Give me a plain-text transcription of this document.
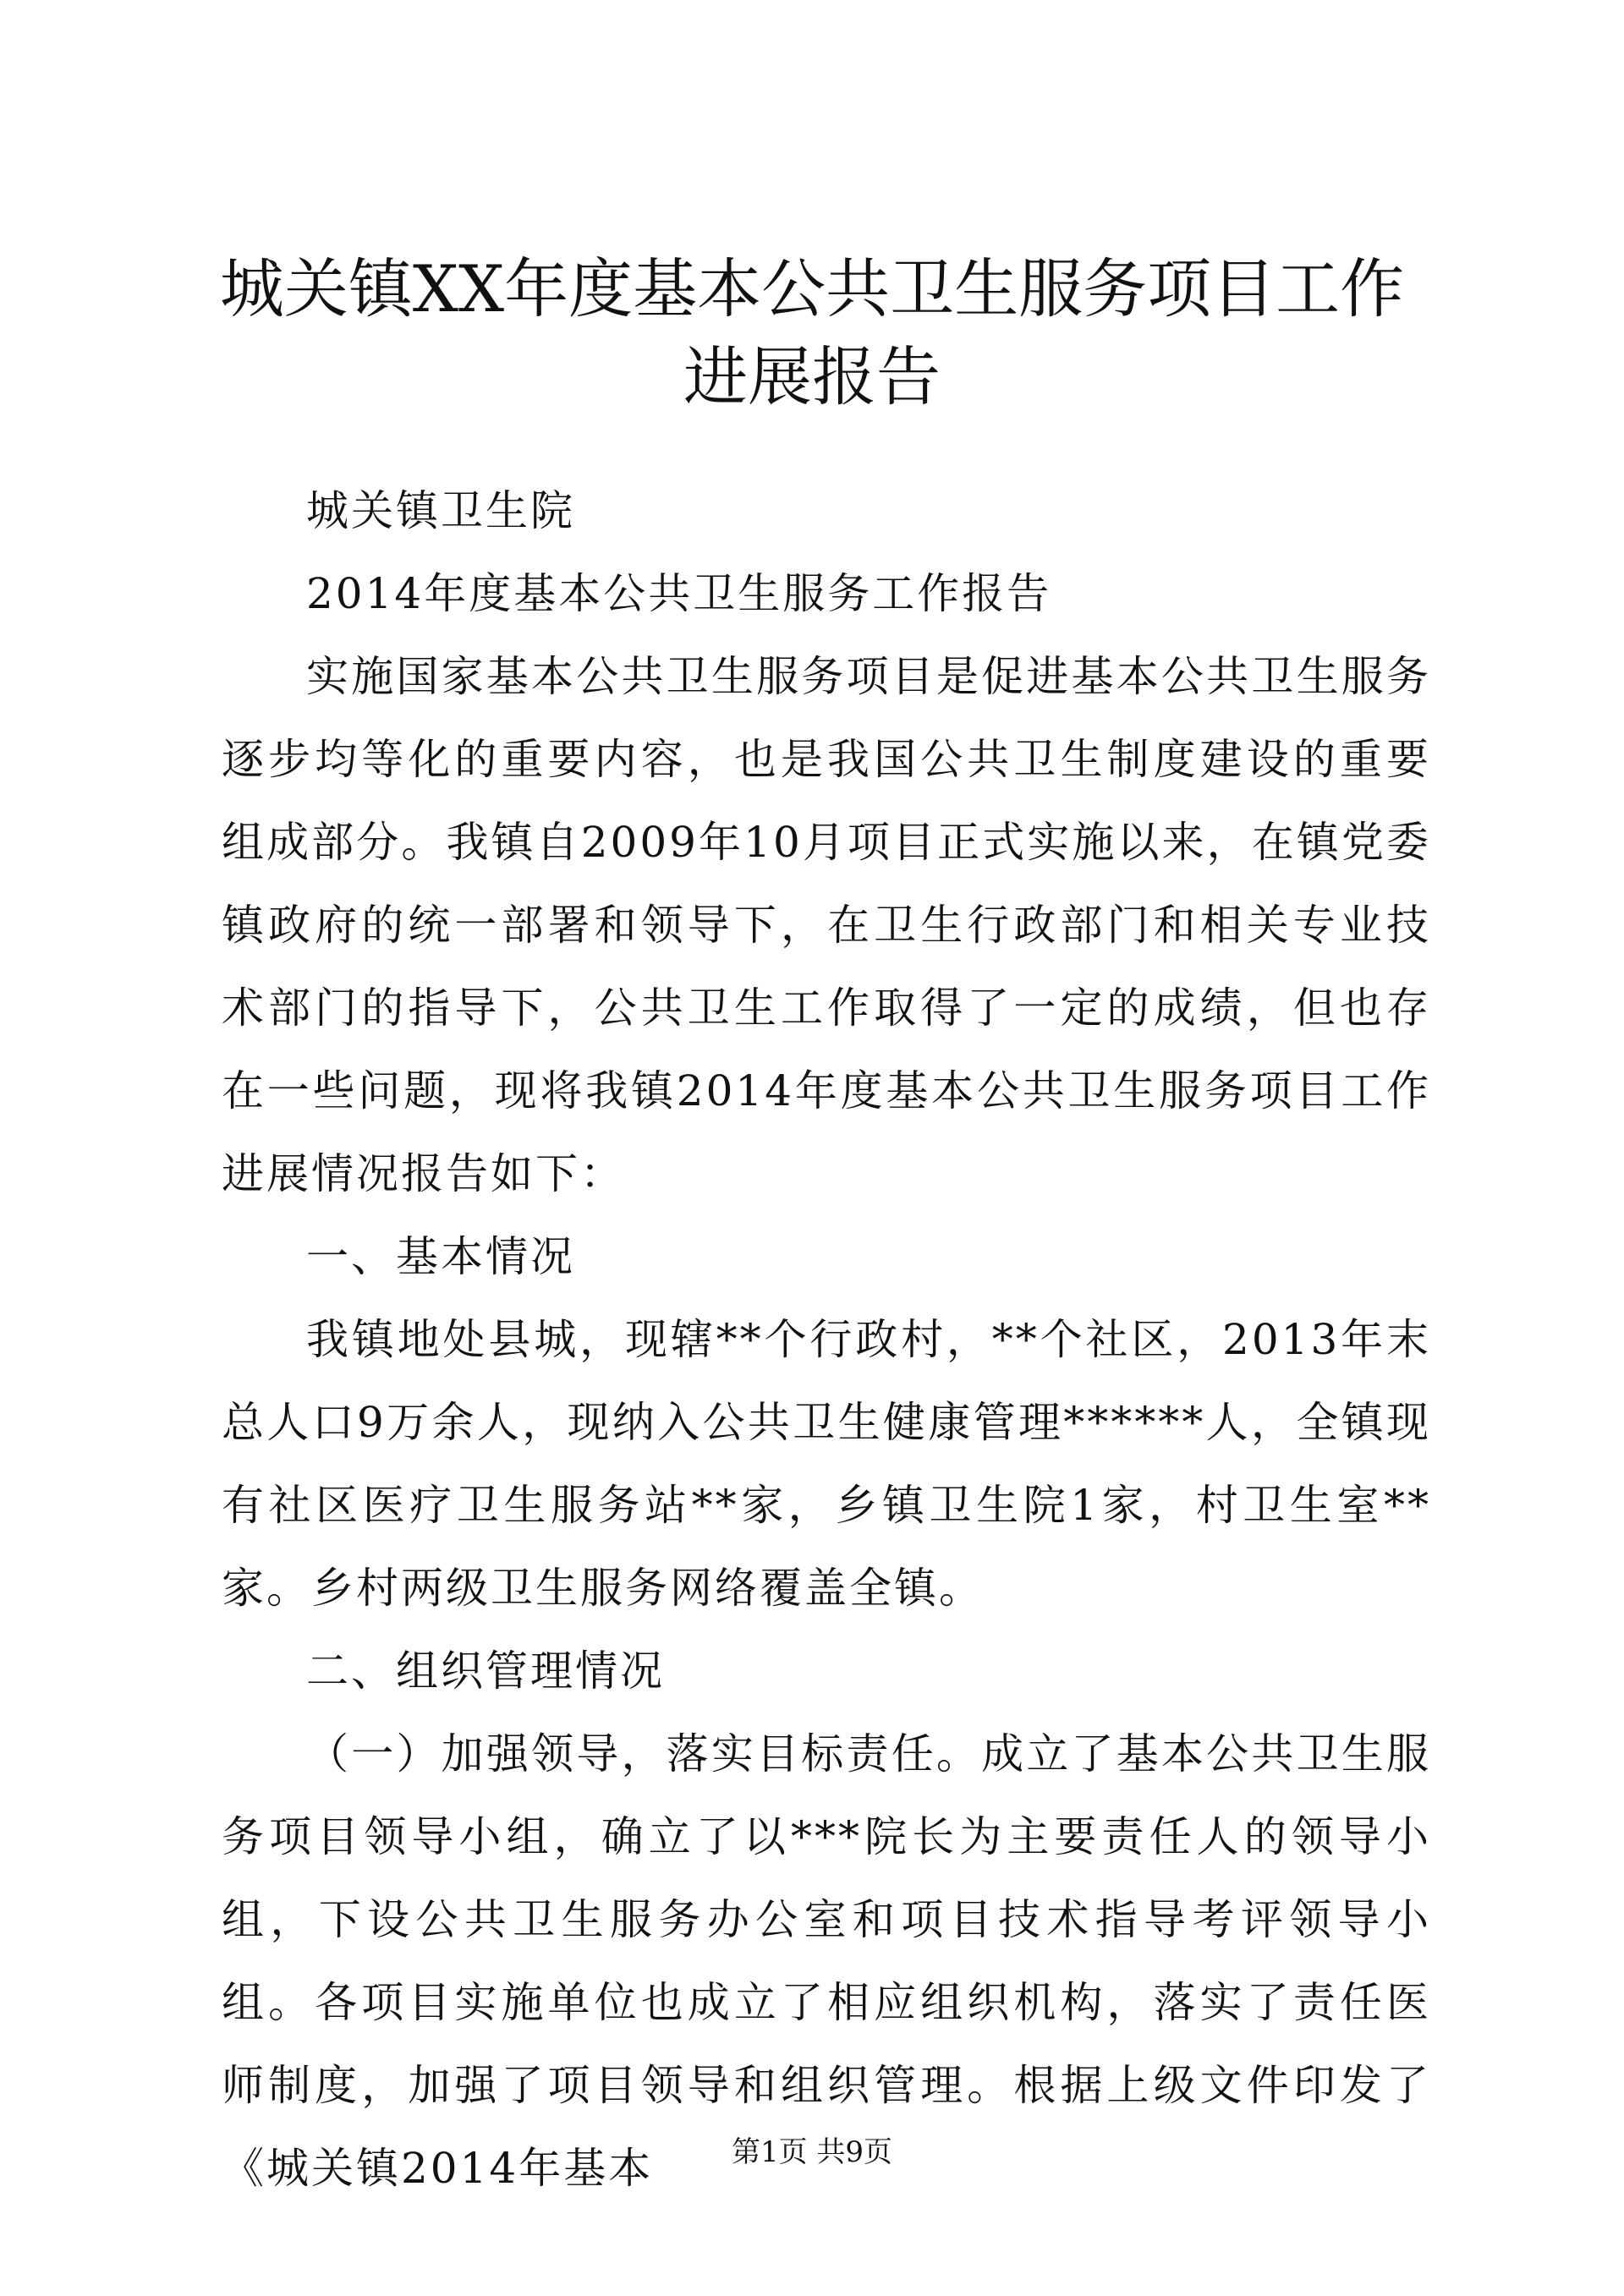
城关镇XX年度基本公共卫生服务项目工作进展报告

城关镇卫生院

2014年度基本公共卫生服务工作报告

实施国家基本公共卫生服务项目是促进基本公共卫生服务逐步均等化的重要内容，也是我国公共卫生制度建设的重要组成部分。我镇自2009年10月项目正式实施以来，在镇党委镇政府的统一部署和领导下，在卫生行政部门和相关专业技术部门的指导下，公共卫生工作取得了一定的成绩，但也存在一些问题，现将我镇2014年度基本公共卫生服务项目工作进展情况报告如下：

一、基本情况

我镇地处县城，现辖**个行政村，**个社区，2013年末总人口9万余人，现纳入公共卫生健康管理******人，全镇现有社区医疗卫生服务站**家，乡镇卫生院1家，村卫生室**家。乡村两级卫生服务网络覆盖全镇。

二、组织管理情况

（一）加强领导，落实目标责任。成立了基本公共卫生服务项目领导小组，确立了以***院长为主要责任人的领导小组，下设公共卫生服务办公室和项目技术指导考评领导小组。各项目实施单位也成立了相应组织机构，落实了责任医师制度，加强了项目领导和组织管理。根据上级文件印发了《城关镇2014年基本	第1页 共9页
